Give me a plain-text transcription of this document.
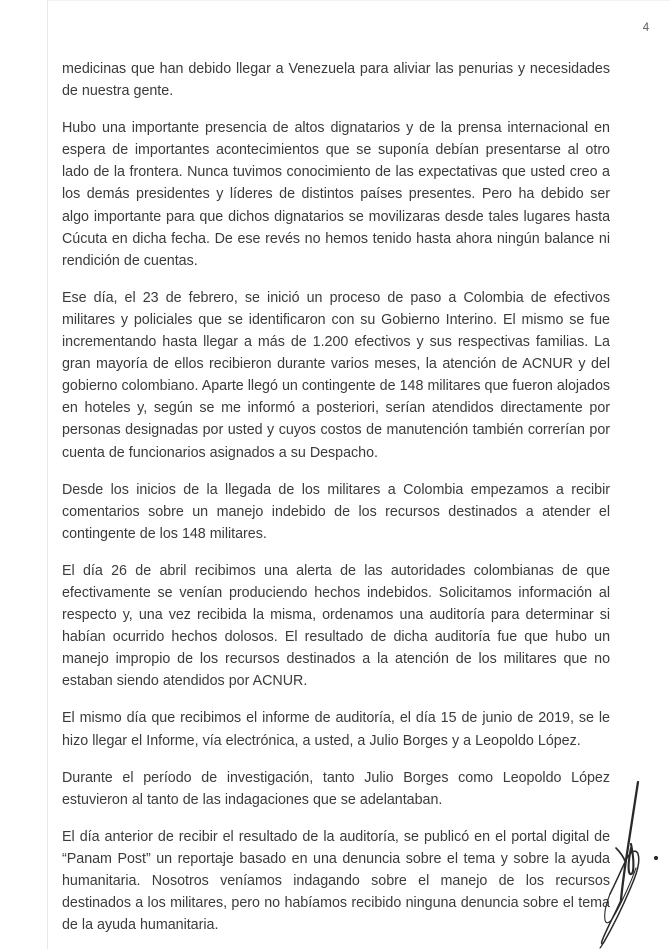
4

medicinas que han debido llegar a Venezuela para aliviar las penurias y necesidades de nuestra gente.

Hubo una importante presencia de altos dignatarios y de la prensa internacional en espera de importantes acontecimientos que se suponía debían presentarse al otro lado de la frontera. Nunca tuvimos conocimiento de las expectativas que usted creo a los demás presidentes y líderes de distintos países presentes. Pero ha debido ser algo importante para que dichos dignatarios se movilizaras desde tales lugares hasta Cúcuta en dicha fecha. De ese revés no hemos tenido hasta ahora ningún balance ni rendición de cuentas.

Ese día, el 23 de febrero, se inició un proceso de paso a Colombia de efectivos militares y policiales que se identificaron con su Gobierno Interino. El mismo se fue incrementando hasta llegar a más de 1.200 efectivos y sus respectivas familias. La gran mayoría de ellos recibieron durante varios meses, la atención de ACNUR y del gobierno colombiano. Aparte llegó un contingente de 148 militares que fueron alojados en hoteles y, según se me informó a posteriori, serían atendidos directamente por personas designadas por usted y cuyos costos de manutención también correrían por cuenta de funcionarios asignados a su Despacho.

Desde los inicios de la llegada de los militares a Colombia empezamos a recibir comentarios sobre un manejo indebido de los recursos destinados a atender el contingente de los 148 militares.

El día 26 de abril recibimos una alerta de las autoridades colombianas de que efectivamente se venían produciendo hechos indebidos. Solicitamos información al respecto y, una vez recibida la misma, ordenamos una auditoría para determinar si habían ocurrido hechos dolosos. El resultado de dicha auditoría fue que hubo un manejo impropio de los recursos destinados a la atención de los militares que no estaban siendo atendidos por ACNUR.

El mismo día que recibimos el informe de auditoría, el día 15 de junio de 2019, se le hizo llegar el Informe, vía electrónica, a usted, a Julio Borges y a Leopoldo López.

Durante el período de investigación, tanto Julio Borges como Leopoldo López estuvieron al tanto de las indagaciones que se adelantaban.

El día anterior de recibir el resultado de la auditoría, se publicó en el portal digital de “Panam Post” un reportaje basado en una denuncia sobre el tema y sobre la ayuda humanitaria. Nosotros veníamos indagando sobre el manejo de los recursos destinados a los militares, pero no habíamos recibido ninguna denuncia sobre el tema de la ayuda humanitaria.
